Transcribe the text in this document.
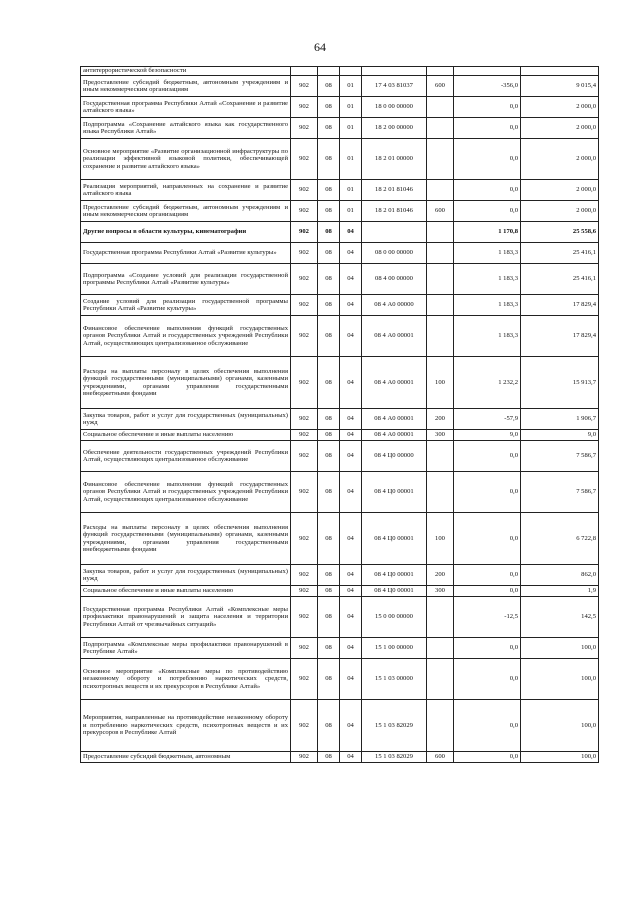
64
антитеррористической безопасности							
Предоставление субсидий бюджетным, автономным учреждениям и иным некоммерческим организациям	902	08	01	17 4 03 81037	600	-356,0	9 015,4
Государственная программа Республики Алтай «Сохранение и развитие алтайского языка»	902	08	01	18 0 00 00000		0,0	2 000,0
Подпрограмма «Сохранение алтайского языка как государственного языка Республики Алтай»	902	08	01	18 2 00 00000		0,0	2 000,0
Основное мероприятие «Развитие организационной инфраструктуры по реализации эффективной языковой политики, обеспечивающей сохранение и развитие алтайского языка»	902	08	01	18 2 01 00000		0,0	2 000,0
Реализация мероприятий, направленных на сохранение и развитие алтайского языка	902	08	01	18 2 01 81046		0,0	2 000,0
Предоставление субсидий бюджетным, автономным учреждениям и иным некоммерческим организациям	902	08	01	18 2 01 81046	600	0,0	2 000,0
Другие вопросы в области культуры, кинематографии	902	08	04			1 170,8	25 558,6
Государственная программа Республики Алтай «Развитие культуры»	902	08	04	08 0 00 00000		1 183,3	25 416,1
Подпрограмма «Создание условий для реализации государственной программы Республики Алтай «Развитие культуры»	902	08	04	08 4 00 00000		1 183,3	25 416,1
Создание условий для реализации государственной программы Республики Алтай «Развитие культуры»	902	08	04	08 4 А0 00000		1 183,3	17 829,4
Финансовое обеспечение выполнения функций государственных органов Республики Алтай и государственных учреждений Республики Алтай, осуществляющих централизованное обслуживание	902	08	04	08 4 А0 00001		1 183,3	17 829,4
Расходы на выплаты персоналу в целях обеспечения выполнения функций государственными (муниципальными) органами, казенными учреждениями, органами управления государственными внебюджетными фондами	902	08	04	08 4 А0 00001	100	1 232,2	15 913,7
Закупка товаров, работ и услуг для государственных (муниципальных) нужд	902	08	04	08 4 А0 00001	200	-57,9	1 906,7
Социальное обеспечение и иные выплаты населению	902	08	04	08 4 А0 00001	300	9,0	9,0
Обеспечение деятельности государственных учреждений Республики Алтай, осуществляющих централизованное обслуживание	902	08	04	08 4 Ц0 00000		0,0	7 586,7
Финансовое обеспечение выполнения функций государственных органов Республики Алтай и государственных учреждений Республики Алтай, осуществляющих централизованное обслуживание	902	08	04	08 4 Ц0 00001		0,0	7 586,7
Расходы на выплаты персоналу в целях обеспечения выполнения функций государственными (муниципальными) органами, казенными учреждениями, органами управления государственными внебюджетными фондами	902	08	04	08 4 Ц0 00001	100	0,0	6 722,8
Закупка товаров, работ и услуг для государственных (муниципальных) нужд	902	08	04	08 4 Ц0 00001	200	0,0	862,0
Социальное обеспечение и иные выплаты населению	902	08	04	08 4 Ц0 00001	300	0,0	1,9
Государственная программа Республики Алтай «Комплексные меры профилактики правонарушений и защита населения и территории Республики Алтай от чрезвычайных ситуаций»	902	08	04	15 0 00 00000		-12,5	142,5
Подпрограмма «Комплексные меры профилактики правонарушений в Республике Алтай»	902	08	04	15 1 00 00000		0,0	100,0
Основное мероприятие «Комплексные меры по противодействию незаконному обороту и потреблению наркотических средств, психотропных веществ и их прекурсоров в Республике Алтай»	902	08	04	15 1 03 00000		0,0	100,0
Мероприятия, направленные на противодействие незаконному обороту и потреблению наркотических средств, психотропных веществ и их прекурсоров в Республике Алтай	902	08	04	15 1 03 82029		0,0	100,0
Предоставление субсидий бюджетным, автономным	902	08	04	15 1 03 82029	600	0,0	100,0
